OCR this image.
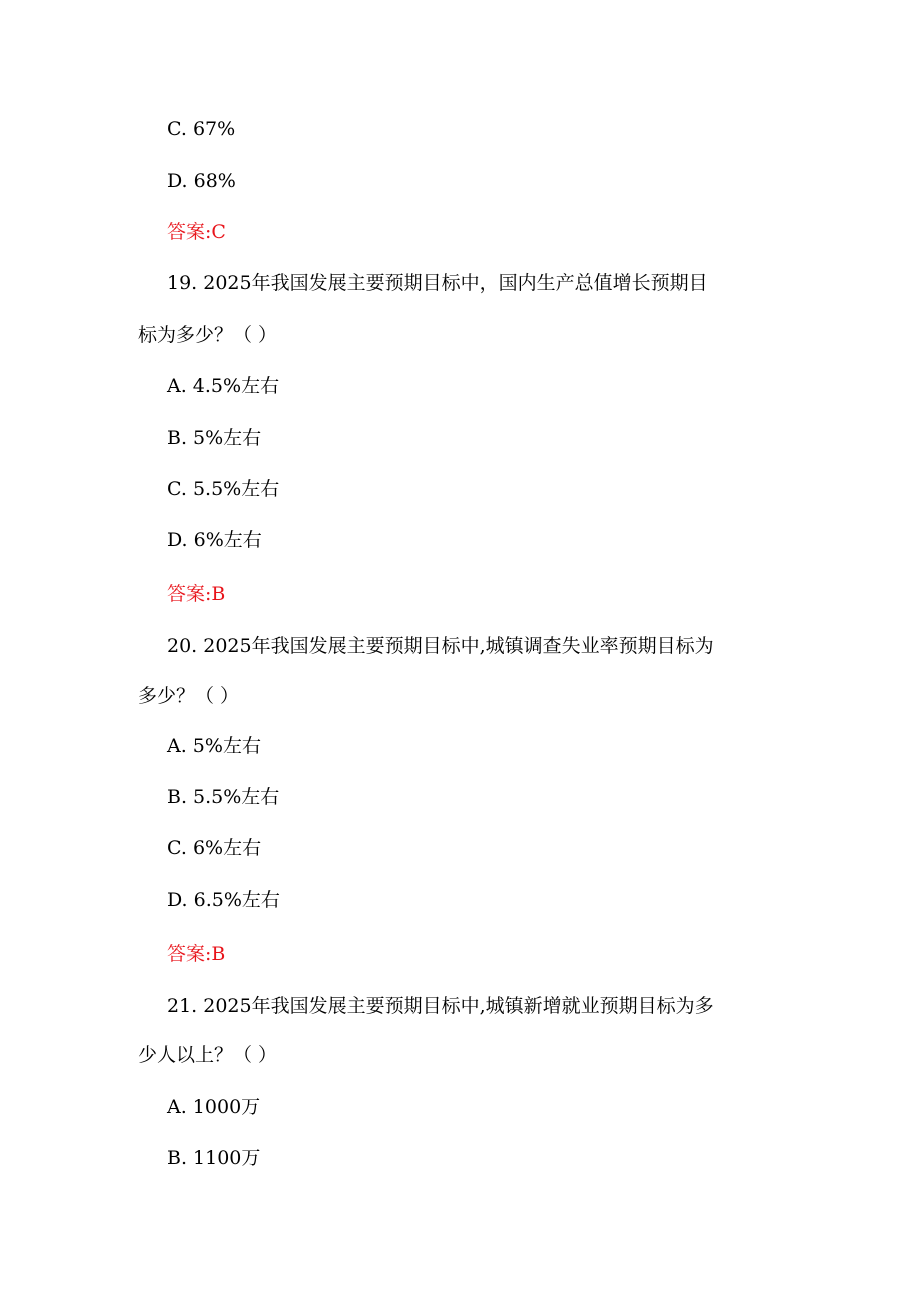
C. 67%
D. 68%
答案:C
19. 2025年我国发展主要预期目标中，国内生产总值增长预期目
标为多少？（ ）
A. 4.5%左右
B. 5%左右
C. 5.5%左右
D. 6%左右
答案:B
20. 2025年我国发展主要预期目标中,城镇调查失业率预期目标为
多少？（ ）
A. 5%左右
B. 5.5%左右
C. 6%左右
D. 6.5%左右
答案:B
21. 2025年我国发展主要预期目标中,城镇新增就业预期目标为多
少人以上？（ ）
A. 1000万
B. 1100万
